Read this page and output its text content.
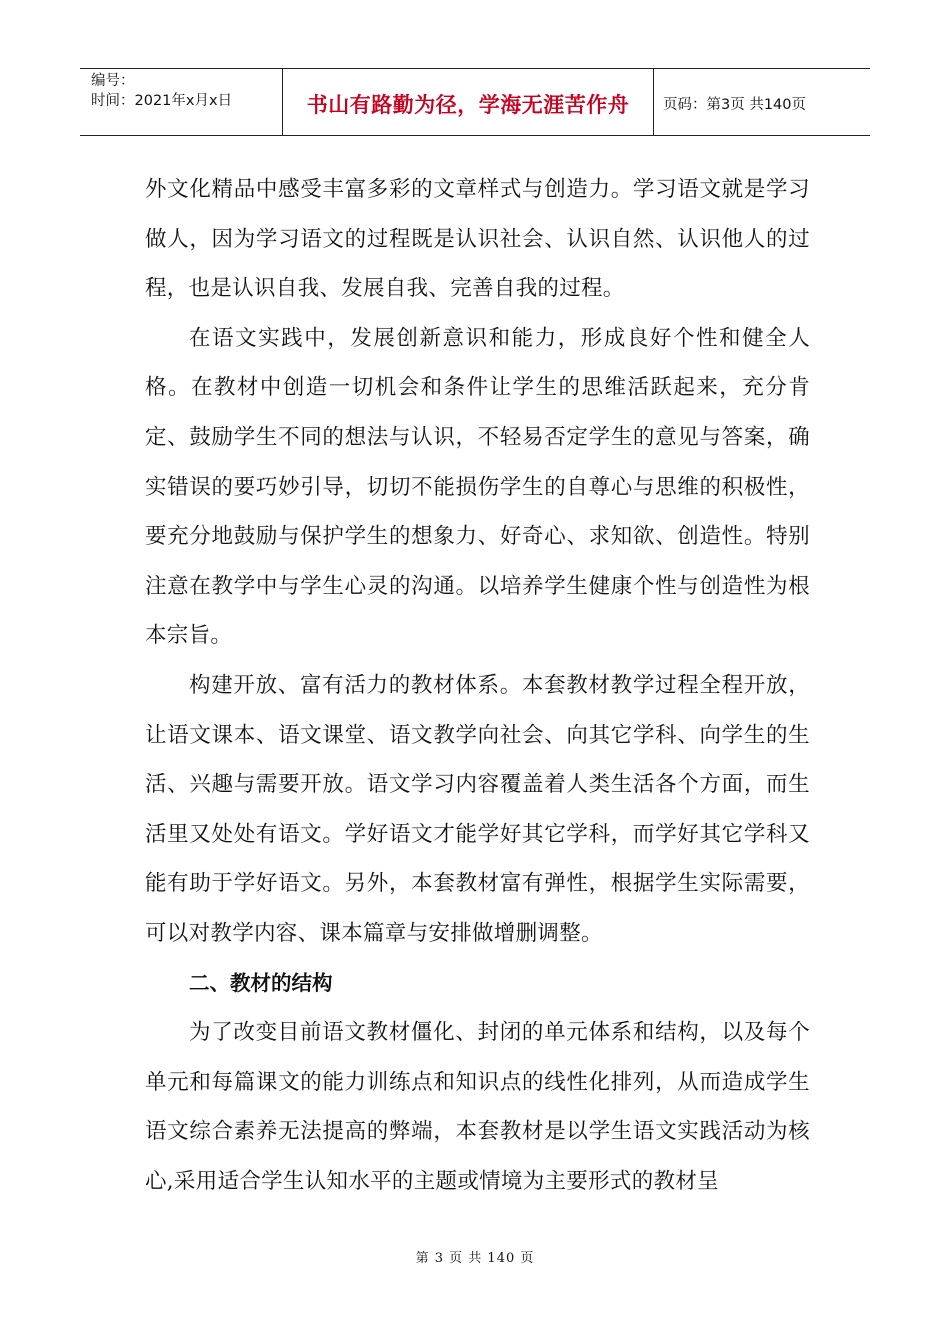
编号：
时间：2021年x月x日	书山有路勤为径，学海无涯苦作舟	页码：第3页 共140页

外文化精品中感受丰富多彩的文章样式与创造力。学习语文就是学习做人，因为学习语文的过程既是认识社会、认识自然、认识他人的过程，也是认识自我、发展自我、完善自我的过程。

在语文实践中，发展创新意识和能力，形成良好个性和健全人格。在教材中创造一切机会和条件让学生的思维活跃起来，充分肯定、鼓励学生不同的想法与认识，不轻易否定学生的意见与答案，确实错误的要巧妙引导，切切不能损伤学生的自尊心与思维的积极性，要充分地鼓励与保护学生的想象力、好奇心、求知欲、创造性。特别注意在教学中与学生心灵的沟通。以培养学生健康个性与创造性为根本宗旨。

构建开放、富有活力的教材体系。本套教材教学过程全程开放，让语文课本、语文课堂、语文教学向社会、向其它学科、向学生的生活、兴趣与需要开放。语文学习内容覆盖着人类生活各个方面，而生活里又处处有语文。学好语文才能学好其它学科，而学好其它学科又能有助于学好语文。另外，本套教材富有弹性，根据学生实际需要，可以对教学内容、课本篇章与安排做增删调整。

二、教材的结构

为了改变目前语文教材僵化、封闭的单元体系和结构，以及每个单元和每篇课文的能力训练点和知识点的线性化排列，从而造成学生语文综合素养无法提高的弊端，本套教材是以学生语文实践活动为核心,采用适合学生认知水平的主题或情境为主要形式的教材呈

第 3 页 共 140 页
